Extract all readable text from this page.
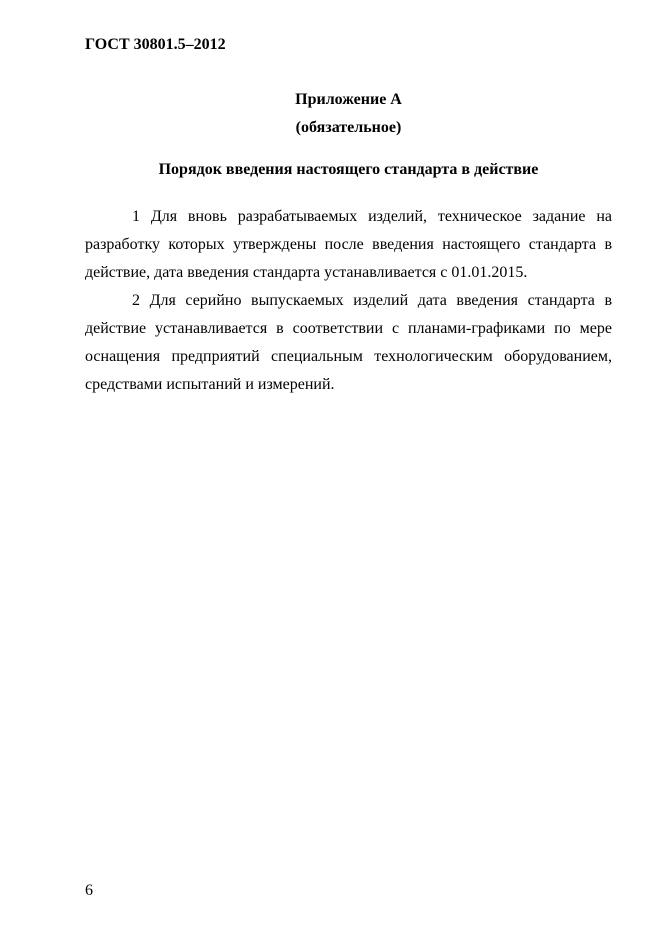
ГОСТ 30801.5–2012
Приложение А
(обязательное)
Порядок введения настоящего стандарта в действие

1 Для вновь разрабатываемых изделий, техническое задание на разработку которых утверждены после введения настоящего стандарта в действие, дата введения стандарта устанавливается с 01.01.2015.

2 Для серийно выпускаемых изделий дата введения стандарта в действие устанавливается в соответствии с планами-графиками по мере оснащения предприятий специальным технологическим оборудованием, средствами испытаний и измерений.

6
